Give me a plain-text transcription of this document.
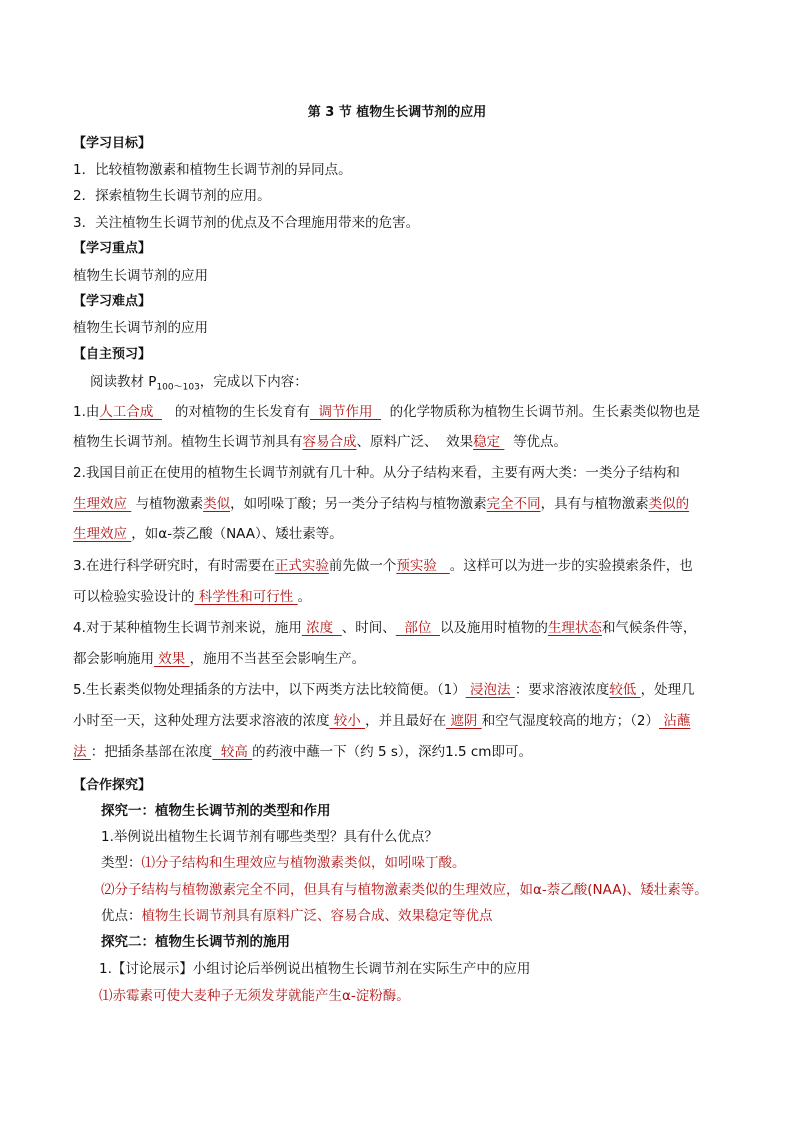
第 3 节 植物生长调节剂的应用
【学习目标】
1．比较植物激素和植物生长调节剂的异同点。
2．探索植物生长调节剂的应用。
3．关注植物生长调节剂的优点及不合理施用带来的危害。
【学习重点】
植物生长调节剂的应用
【学习难点】
植物生长调节剂的应用
【自主预习】
阅读教材 $P_{100\sim 103}$，完成以下内容：
1.由人工合成     的对植物的生长发育有  调节作用    的化学物质称为植物生长调节剂。生长素类似物也是
植物生长调节剂。植物生长调节剂具有容易合成、原料广泛、  效果稳定   等优点。
2.我国目前正在使用的植物生长调节剂就有几十种。从分子结构来看，主要有两大类：一类分子结构和
生理效应  与植物激素类似，如吲哚丁酸；另一类分子结构与植物激素完全不同，具有与植物激素类似的
生理效应 ，如α-萘乙酸（NAA）、矮壮素等。
3.在进行科学研究时，有时需要在正式实验前先做一个预实验   。这样可以为进一步的实验摸索条件，也
可以检验实验设计的 科学性和可行性 。
4.对于某种植物生长调节剂来说，施用 浓度  、时间、  部位  以及施用时植物的生理状态和气候条件等，
都会影响施用 效果 ，施用不当甚至会影响生产。
5.生长素类似物处理插条的方法中，以下两类方法比较简便。（1） 浸泡法 ：要求溶液浓度较低 ，处理几
小时至一天，这种处理方法要求溶液的浓度 较小 ，并且最好在 遮阴 和空气湿度较高的地方；（2） 沾蘸
法 ：把插条基部在浓度  较高 的药液中蘸一下（约 5 s），深约1.5 cm即可。
【合作探究】
探究一：植物生长调节剂的类型和作用
1.举例说出植物生长调节剂有哪些类型？具有什么优点？
类型：⑴分子结构和生理效应与植物激素类似，如吲哚丁酸。
⑵分子结构与植物激素完全不同，但具有与植物激素类似的生理效应，如α-萘乙酸(NAA)、矮壮素等。
优点：植物生长调节剂具有原料广泛、容易合成、效果稳定等优点
探究二：植物生长调节剂的施用
1.【讨论展示】小组讨论后举例说出植物生长调节剂在实际生产中的应用
⑴赤霉素可使大麦种子无须发芽就能产生α-淀粉酶。
